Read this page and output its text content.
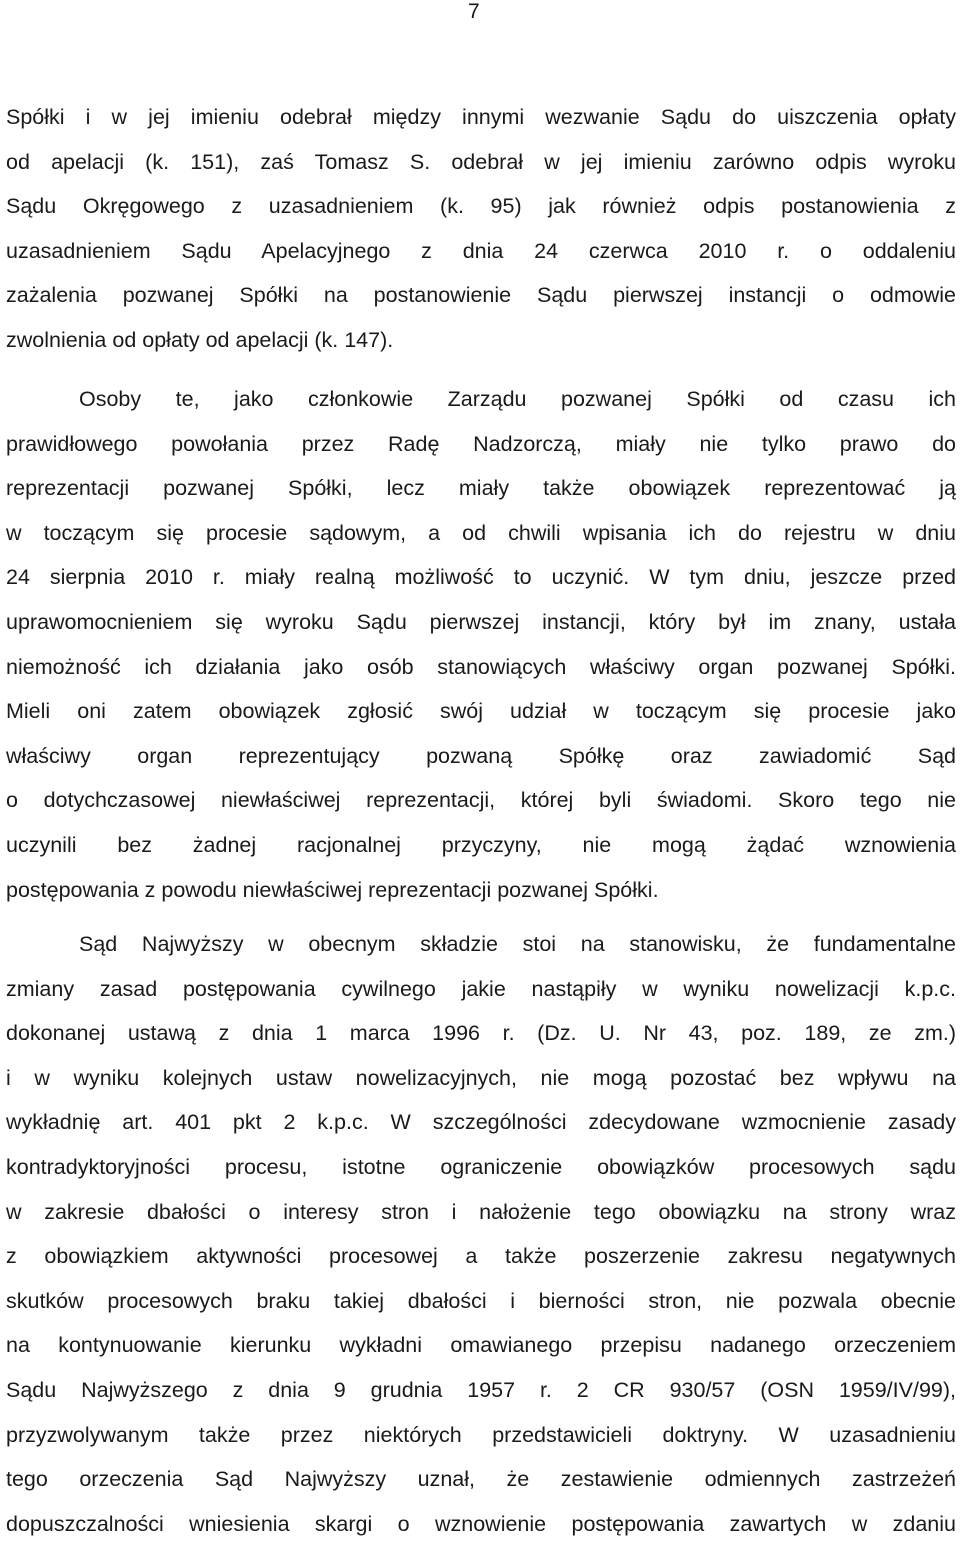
7
Spółki i w jej imieniu odebrał między innymi wezwanie Sądu do uiszczenia opłaty
od apelacji (k. 151), zaś Tomasz S. odebrał w jej imieniu zarówno odpis wyroku
Sądu Okręgowego z uzasadnieniem (k. 95) jak również odpis postanowienia z
uzasadnieniem Sądu Apelacyjnego z dnia 24 czerwca 2010 r. o oddaleniu
zażalenia pozwanej Spółki na postanowienie Sądu pierwszej instancji o odmowie
zwolnienia od opłaty od apelacji (k. 147).
Osoby te, jako członkowie Zarządu pozwanej Spółki od czasu ich
prawidłowego powołania przez Radę Nadzorczą, miały nie tylko prawo do
reprezentacji pozwanej Spółki, lecz miały także obowiązek reprezentować ją
w toczącym się procesie sądowym, a od chwili wpisania ich do rejestru w dniu
24 sierpnia 2010 r. miały realną możliwość to uczynić. W tym dniu, jeszcze przed
uprawomocnieniem się wyroku Sądu pierwszej instancji, który był im znany, ustała
niemożność ich działania jako osób stanowiących właściwy organ pozwanej Spółki.
Mieli oni zatem obowiązek zgłosić swój udział w toczącym się procesie jako
właściwy organ reprezentujący pozwaną Spółkę oraz zawiadomić Sąd
o dotychczasowej niewłaściwej reprezentacji, której byli świadomi. Skoro tego nie
uczynili bez żadnej racjonalnej przyczyny, nie mogą żądać wznowienia
postępowania z powodu niewłaściwej reprezentacji pozwanej Spółki.
Sąd Najwyższy w obecnym składzie stoi na stanowisku, że fundamentalne
zmiany zasad postępowania cywilnego jakie nastąpiły w wyniku nowelizacji k.p.c.
dokonanej ustawą z dnia 1 marca 1996 r. (Dz. U. Nr 43, poz. 189, ze zm.)
i w wyniku kolejnych ustaw nowelizacyjnych, nie mogą pozostać bez wpływu na
wykładnię art. 401 pkt 2 k.p.c. W szczególności zdecydowane wzmocnienie zasady
kontradyktoryjności procesu, istotne ograniczenie obowiązków procesowych sądu
w zakresie dbałości o interesy stron i nałożenie tego obowiązku na strony wraz
z obowiązkiem aktywności procesowej a także poszerzenie zakresu negatywnych
skutków procesowych braku takiej dbałości i bierności stron, nie pozwala obecnie
na kontynuowanie kierunku wykładni omawianego przepisu nadanego orzeczeniem
Sądu Najwyższego z dnia 9 grudnia 1957 r. 2 CR 930/57 (OSN 1959/IV/99),
przyzwolywanym także przez niektórych przedstawicieli doktryny. W uzasadnieniu
tego orzeczenia Sąd Najwyższy uznał, że zestawienie odmiennych zastrzeżeń
dopuszczalności wniesienia skargi o wznowienie postępowania zawartych w zdaniu
